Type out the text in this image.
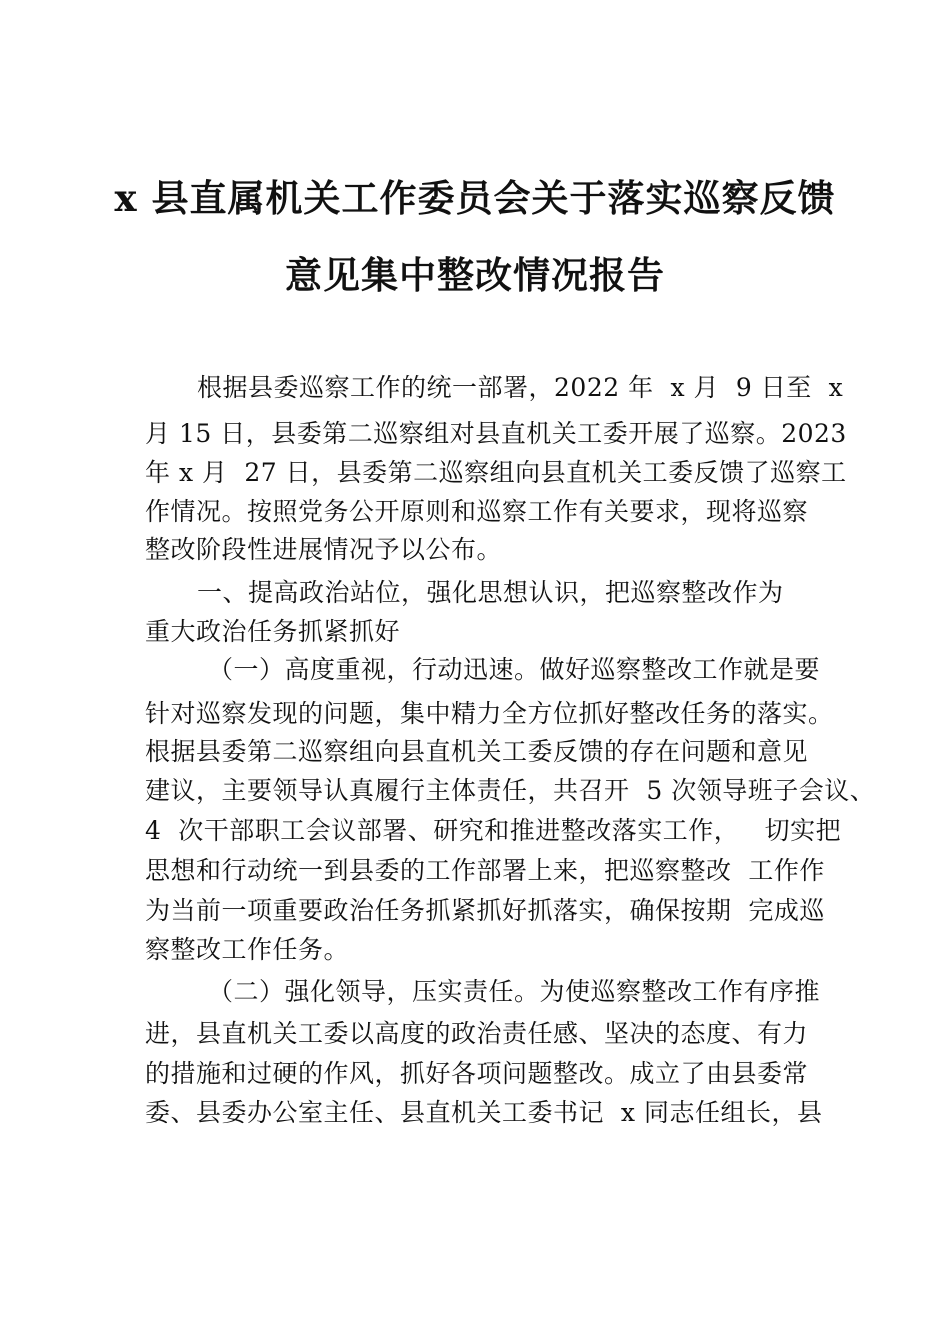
x 县直属机关工作委员会关于落实巡察反馈
意见集中整改情况报告
根据县委巡察工作的统一部署，2022 年  x 月  9 日至  x
月 15 日，县委第二巡察组对县直机关工委开展了巡察。2023
年 x 月  27 日，县委第二巡察组向县直机关工委反馈了巡察工
作情况。按照党务公开原则和巡察工作有关要求，现将巡察
整改阶段性进展情况予以公布。
一、提高政治站位，强化思想认识，把巡察整改作为
重大政治任务抓紧抓好
（一）高度重视，行动迅速。做好巡察整改工作就是要
针对巡察发现的问题，集中精力全方位抓好整改任务的落实。
根据县委第二巡察组向县直机关工委反馈的存在问题和意见
建议，主要领导认真履行主体责任，共召开  5 次领导班子会议、
4  次干部职工会议部署、研究和推进整改落实工作，   切实把
思想和行动统一到县委的工作部署上来，把巡察整改  工作作
为当前一项重要政治任务抓紧抓好抓落实，确保按期  完成巡
察整改工作任务。
（二）强化领导，压实责任。为使巡察整改工作有序推
进，县直机关工委以高度的政治责任感、坚决的态度、有力
的措施和过硬的作风，抓好各项问题整改。成立了由县委常
委、县委办公室主任、县直机关工委书记  x 同志任组长，县
